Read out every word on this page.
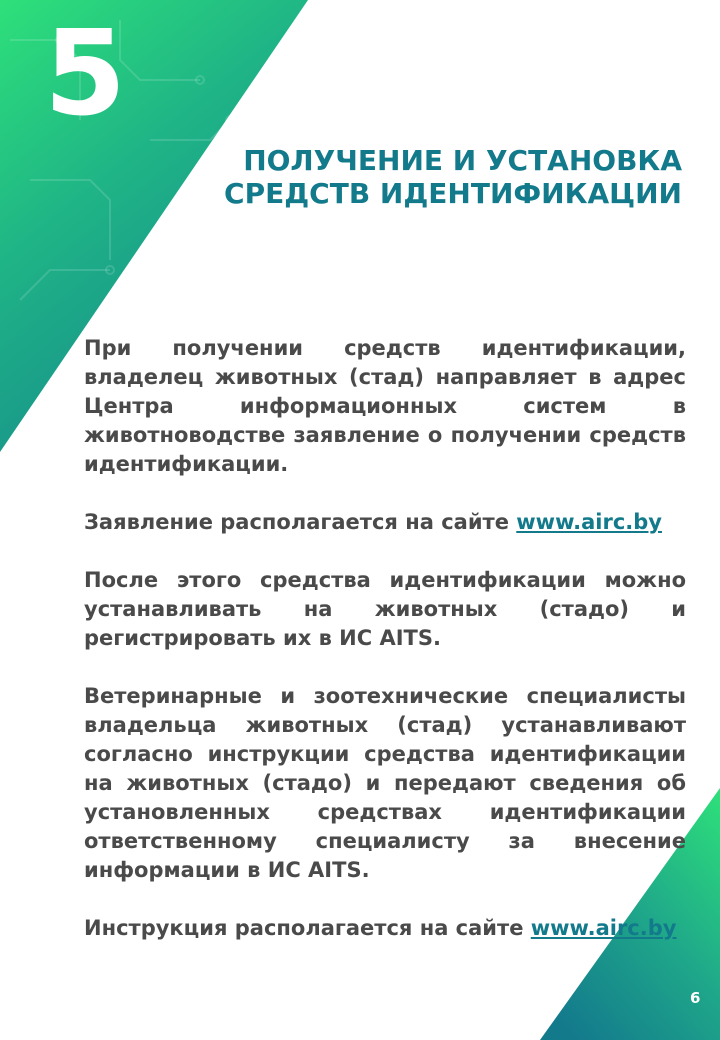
5
ПОЛУЧЕНИЕ И УСТАНОВКА
СРЕДСТВ ИДЕНТИФИКАЦИИ

При получении средств идентификации, владелец животных (стад) направляет в адрес Центра информационных систем в животноводстве заявление о получении средств идентификации.

Заявление располагается на сайте www.airc.by

После этого средства идентификации можно устанавливать на животных (стадо) и регистрировать их в ИС AITS.

Ветеринарные и зоотехнические специалисты владельца животных (стад) устанавливают согласно инструкции средства идентификации на животных (стадо) и передают сведения об установленных средствах идентификации ответственному специалисту за внесение информации в ИС AITS.

Инструкция располагается на сайте www.airc.by

6
